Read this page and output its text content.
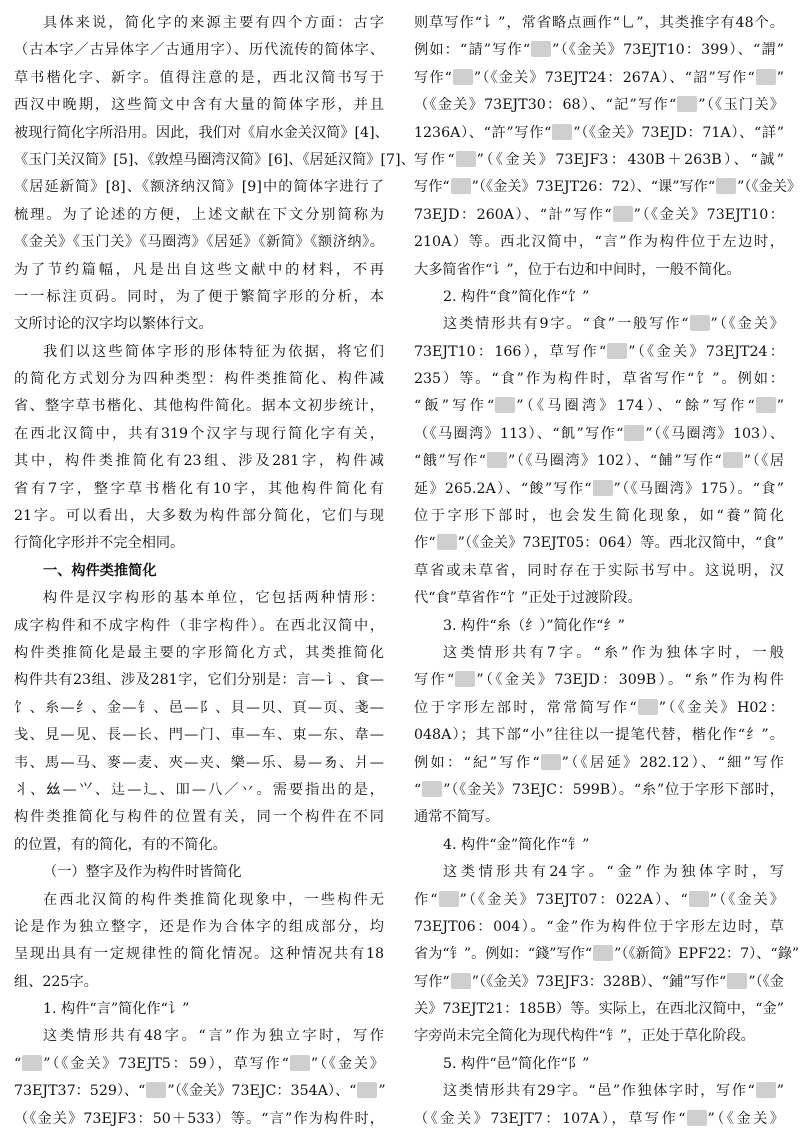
具体来说，简化字的来源主要有四个方面：古字
（古本字／古异体字／古通用字）、历代流传的简体字、
草书楷化字、新字。值得注意的是，西北汉简书写于
西汉中晚期，这些简文中含有大量的简体字形，并且
被现行简化字所沿用。因此，我们对《肩水金关汉简》[4]、
《玉门关汉简》[5]、《敦煌马圈湾汉简》[6]、《居延汉简》[7]、
《居延新简》[8]、《额济纳汉简》[9]中的简体字进行了
梳理。为了论述的方便，上述文献在下文分别简称为
《金关》《玉门关》《马圈湾》《居延》《新简》《额济纳》。
为了节约篇幅，凡是出自这些文献中的材料，不再
一一标注页码。同时，为了便于繁简字形的分析，本
文所讨论的汉字均以繁体行文。
我们以这些简体字形的形体特征为依据，将它们
的简化方式划分为四种类型：构件类推简化、构件减
省、整字草书楷化、其他构件简化。据本文初步统计，
在西北汉简中，共有319个汉字与现行简化字有关，
其中，构件类推简化有23组、涉及281字，构件减
省有7字，整字草书楷化有10字，其他构件简化有
21字。可以看出，大多数为构件部分简化，它们与现
行简化字形并不完全相同。
一、构件类推简化
构件是汉字构形的基本单位，它包括两种情形：
成字构件和不成字构件（非字构件）。在西北汉简中，
构件类推简化是最主要的字形简化方式，其类推简化
构件共有23组、涉及281字，它们分别是：言—讠、食—
饣、糸—纟、金—钅、邑—阝、貝—贝、頁—页、戔—
戋、見—见、長—长、門—门、車—车、東—东、韋—
韦、馬—马、麥—麦、夾—夹、樂—乐、昜—𠃓、爿—
丬、𢆶—𭕄、𨑒—辶、吅—八／丷。需要指出的是，
构件类推简化与构件的位置有关，同一个构件在不同
的位置，有的简化，有的不简化。
（一）整字及作为构件时皆简化
在西北汉简的构件类推简化现象中，一些构件无
论是作为独立整字，还是作为合体字的组成部分，均
呈现出具有一定规律性的简化情况。这种情况共有18
组、225字。
1. 构件“言”简化作“讠”
这类情形共有48字。“言”作为独立字时，写作
“ ”（《金关》73EJT5：59），草写作“ ”（《金关》
73EJT37：529）、“ ”（《金关》73EJC：354A）、“ ”
（《金关》73EJF3：50＋533）等。“言”作为构件时，
则草写作“讠”，常省略点画作“乚”，其类推字有48个。
例如：“請”写作“ ”（《金关》73EJT10：399）、“謂”
写作“ ”（《金关》73EJT24：267A）、“詔”写作“ ”
（《金关》73EJT30：68）、“記”写作“ ”（《玉门关》
1236A）、“許”写作“ ”（《金关》73EJD：71A）、“詳”
写作“ ”（《金关》73EJF3：430B＋263B）、“誠”
写作“ ”（《金关》73EJT26：72）、“课”写作“ ”（《金关》
73EJD：260A）、“計”写作“ ”（《金关》73EJT10：
210A）等。西北汉简中，“言”作为构件位于左边时，
大多简省作“讠”，位于右边和中间时，一般不简化。
2. 构件“食”简化作“饣”
这类情形共有9字。“食”一般写作“ ”（《金关》
73EJT10：166），草写作“ ”（《金关》73EJT24：
235）等。“食”作为构件时，草省写作“饣”。例如：
“飯”写作“ ”（《马圈湾》174）、“餘”写作“ ”
（《马圈湾》113）、“飢”写作“ ”（《马圈湾》103）、
“餓”写作“ ”（《马圈湾》102）、“餔”写作“ ”（《居
延》265.2A）、“餕”写作“ ”（《马圈湾》175）。“食”
位于字形下部时，也会发生简化现象，如“養”简化
作“ ”（《金关》73EJT05：064）等。西北汉简中，“食”
草省或未草省，同时存在于实际书写中。这说明，汉
代“食”草省作“饣”正处于过渡阶段。
3. 构件“糸（纟）”简化作“纟”
这类情形共有7字。“糸”作为独体字时，一般
写作“ ”（《金关》73EJD：309B）。“糸”作为构件
位于字形左部时，常常简写作“ ”（《金关》H02：
048A）；其下部“小”往往以一提笔代替，楷化作“纟”。
例如：“紀”写作“ ”（《居延》282.12）、“細”写作
“ ”（《金关》73EJC：599B）。“糸”位于字形下部时，
通常不简写。
4. 构件“金”简化作“钅”
这类情形共有24字。“金”作为独体字时，写
作“ ”（《金关》73EJT07：022A）、“ ”（《金关》
73EJT06：004）。“金”作为构件位于字形左边时，草
省为“钅”。例如：“錢”写作“ ”（《新简》EPF22：7）、“錄”
写作“ ”（《金关》73EJF3：328B）、“鋪”写作“ ”（《金
关》73EJT21：185B）等。实际上，在西北汉简中，“金”
字旁尚未完全简化为现代构件“钅”，正处于草化阶段。
5. 构件“邑”简化作“阝”
这类情形共有29字。“邑”作独体字时，写作“ ”
（《金关》73EJT7：107A），草写作“ ”（《金关》
